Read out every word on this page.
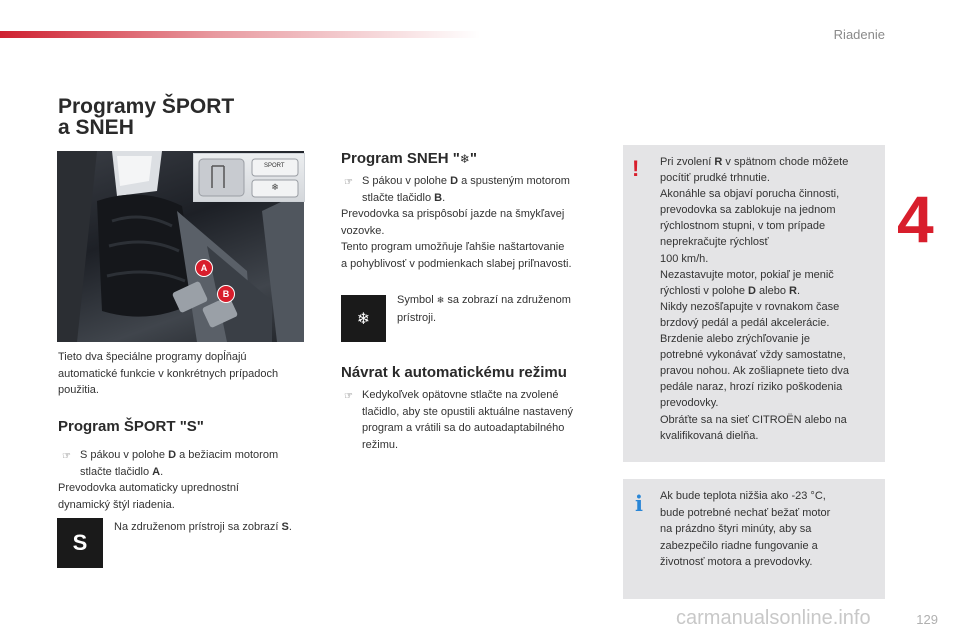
Riadenie
4
129
carmanualsonline.info
Programy ŠPORT
a SNEH
❄
SPORT
A
B
Tieto dva špeciálne programy dopĺňajú
automatické funkcie v konkrétnych prípadoch
použitia.
Program ŠPORT "S"
☞ S pákou v polohe D a bežiacim motorom
stlačte tlačidlo A.
Prevodovka automaticky uprednostní
dynamický štýl riadenia.
S
Na združenom prístroji sa zobrazí S.
Program SNEH "❄"
☞ S pákou v polohe D a spusteným motorom
stlačte tlačidlo B.
Prevodovka sa prispôsobí jazde na šmykľavej
vozovke.
Tento program umožňuje ľahšie naštartovanie
a pohyblivosť v podmienkach slabej priľnavosti.
❄
Symbol ❄ sa zobrazí na združenom
prístroji.
Návrat k automatickému režimu
☞ Kedykoľvek opätovne stlačte na zvolené
tlačidlo, aby ste opustili aktuálne nastavený
program a vrátili sa do autoadaptabilného
režimu.
! Pri zvolení R v spätnom chode môžete
pocítiť prudké trhnutie.
Akonáhle sa objaví porucha činnosti,
prevodovka sa zablokuje na jednom
rýchlostnom stupni, v tom prípade
neprekračujte rýchlosť
100 km/h.
Nezastavujte motor, pokiaľ je menič
rýchlosti v polohe D alebo R.
Nikdy nezošľapujte v rovnakom čase
brzdový pedál a pedál akcelerácie.
Brzdenie alebo zrýchľovanie je
potrebné vykonávať vždy samostatne,
pravou nohou. Ak zošliapnete tieto dva
pedále naraz, hrozí riziko poškodenia
prevodovky.
Obráťte sa na sieť CITROËN alebo na
kvalifikovaná dielňa.
i Ak bude teplota nižšia ako -23 °C,
bude potrebné nechať bežať motor
na prázdno štyri minúty, aby sa
zabezpečilo riadne fungovanie a
životnosť motora a prevodovky.
